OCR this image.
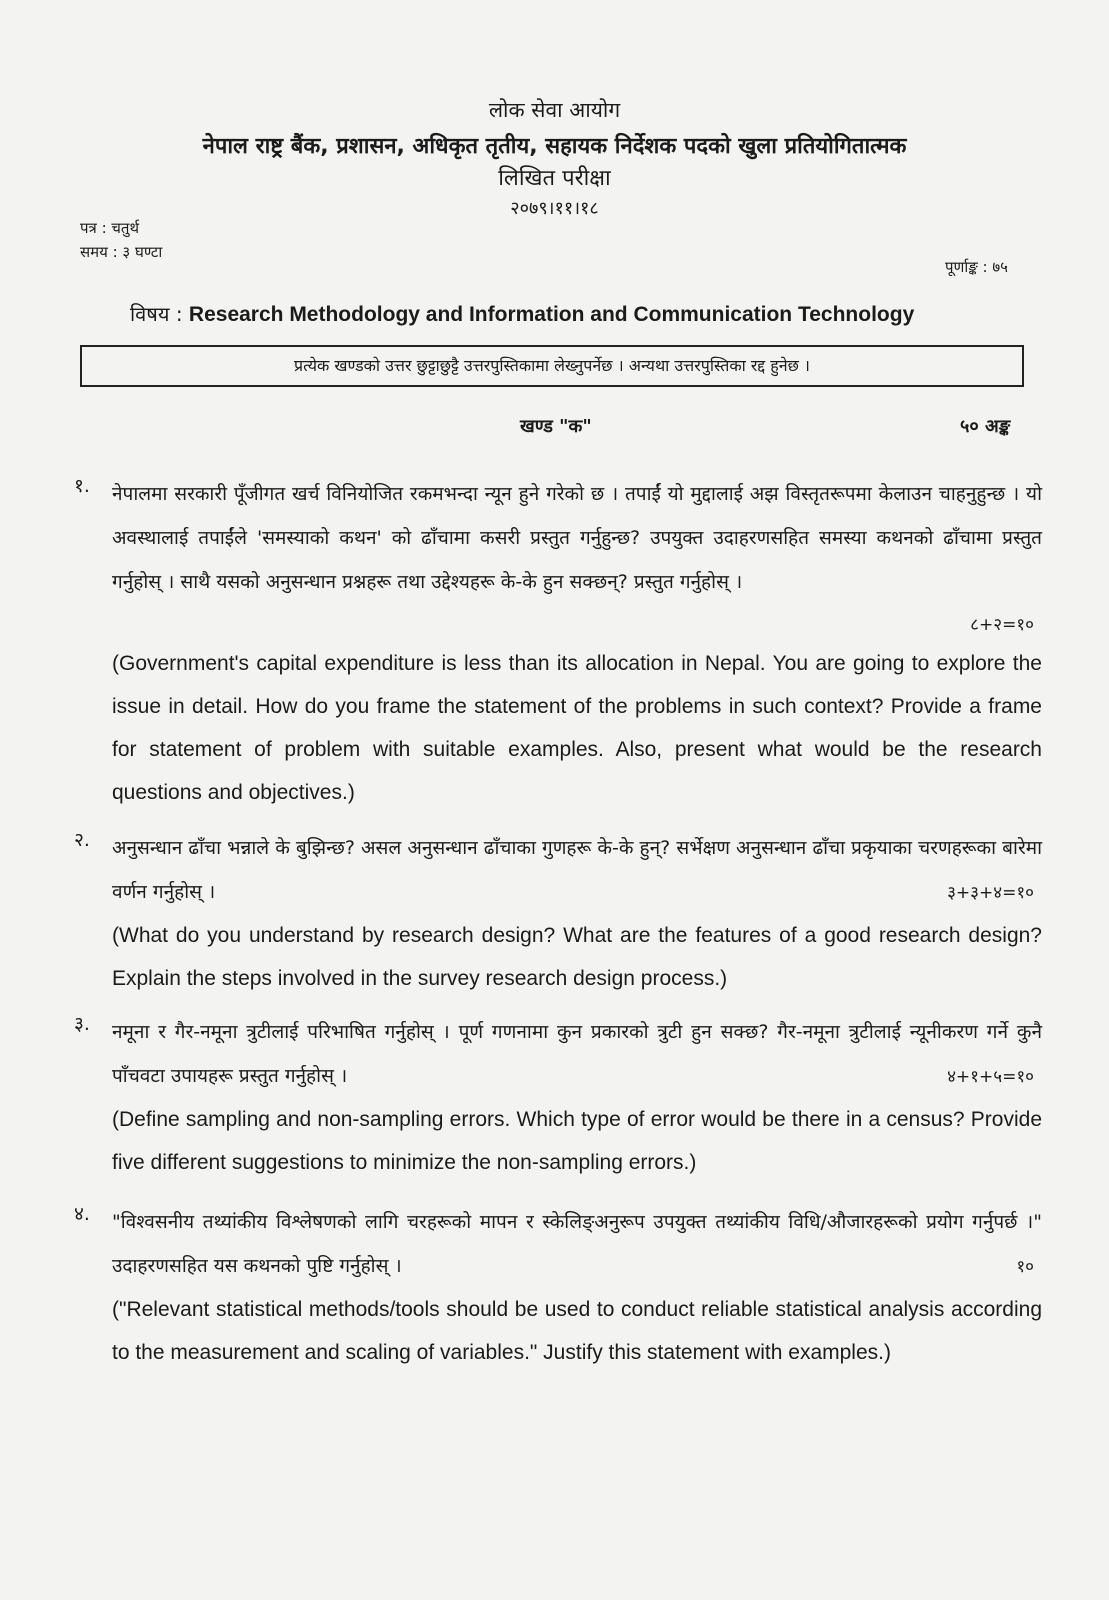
लोक सेवा आयोग
नेपाल राष्ट्र बैंक, प्रशासन, अधिकृत तृतीय, सहायक निर्देशक पदको खुला प्रतियोगितात्मक
लिखित परीक्षा
२०७९।११।१८
पत्र : चतुर्थ
समय : ३ घण्टा
पूर्णाङ्क : ७५
विषय : Research Methodology and Information and Communication Technology
प्रत्येक खण्डको उत्तर छुट्टाछुट्टै उत्तरपुस्तिकामा लेख्नुपर्नेछ । अन्यथा उत्तरपुस्तिका रद्द हुनेछ ।
खण्ड "क"	५० अङ्क
१. नेपालमा सरकारी पूँजीगत खर्च विनियोजित रकमभन्दा न्यून हुने गरेको छ । तपाईं यो मुद्दालाई अझ विस्तृतरूपमा केलाउन चाहनुहुन्छ । यो अवस्थालाई तपाईंले 'समस्याको कथन' को ढाँचामा कसरी प्रस्तुत गर्नुहुन्छ? उपयुक्त उदाहरणसहित समस्या कथनको ढाँचामा प्रस्तुत गर्नुहोस् । साथै यसको अनुसन्धान प्रश्नहरू तथा उद्देश्यहरू के-के हुन सक्छन्? प्रस्तुत गर्नुहोस् ।
८+२=१०
(Government's capital expenditure is less than its allocation in Nepal. You are going to explore the issue in detail. How do you frame the statement of the problems in such context? Provide a frame for statement of problem with suitable examples. Also, present what would be the research questions and objectives.)
२. अनुसन्धान ढाँचा भन्नाले के बुझिन्छ? असल अनुसन्धान ढाँचाका गुणहरू के-के हुन्? सर्भेक्षण अनुसन्धान ढाँचा प्रकृयाका चरणहरूका बारेमा वर्णन गर्नुहोस् ।	३+३+४=१०
(What do you understand by research design? What are the features of a good research design? Explain the steps involved in the survey research design process.)
३. नमूना र गैर-नमूना त्रुटीलाई परिभाषित गर्नुहोस् । पूर्ण गणनामा कुन प्रकारको त्रुटी हुन सक्छ? गैर-नमूना त्रुटीलाई न्यूनीकरण गर्ने कुनै पाँचवटा उपायहरू प्रस्तुत गर्नुहोस् ।	४+१+५=१०
(Define sampling and non-sampling errors. Which type of error would be there in a census? Provide five different suggestions to minimize the non-sampling errors.)
४. "विश्वसनीय तथ्यांकीय विश्लेषणको लागि चरहरूको मापन र स्केलिङ्अनुरूप उपयुक्त तथ्यांकीय विधि/औजारहरूको प्रयोग गर्नुपर्छ ।" उदाहरणसहित यस कथनको पुष्टि गर्नुहोस् ।	१०
("Relevant statistical methods/tools should be used to conduct reliable statistical analysis according to the measurement and scaling of variables." Justify this statement with examples.)
